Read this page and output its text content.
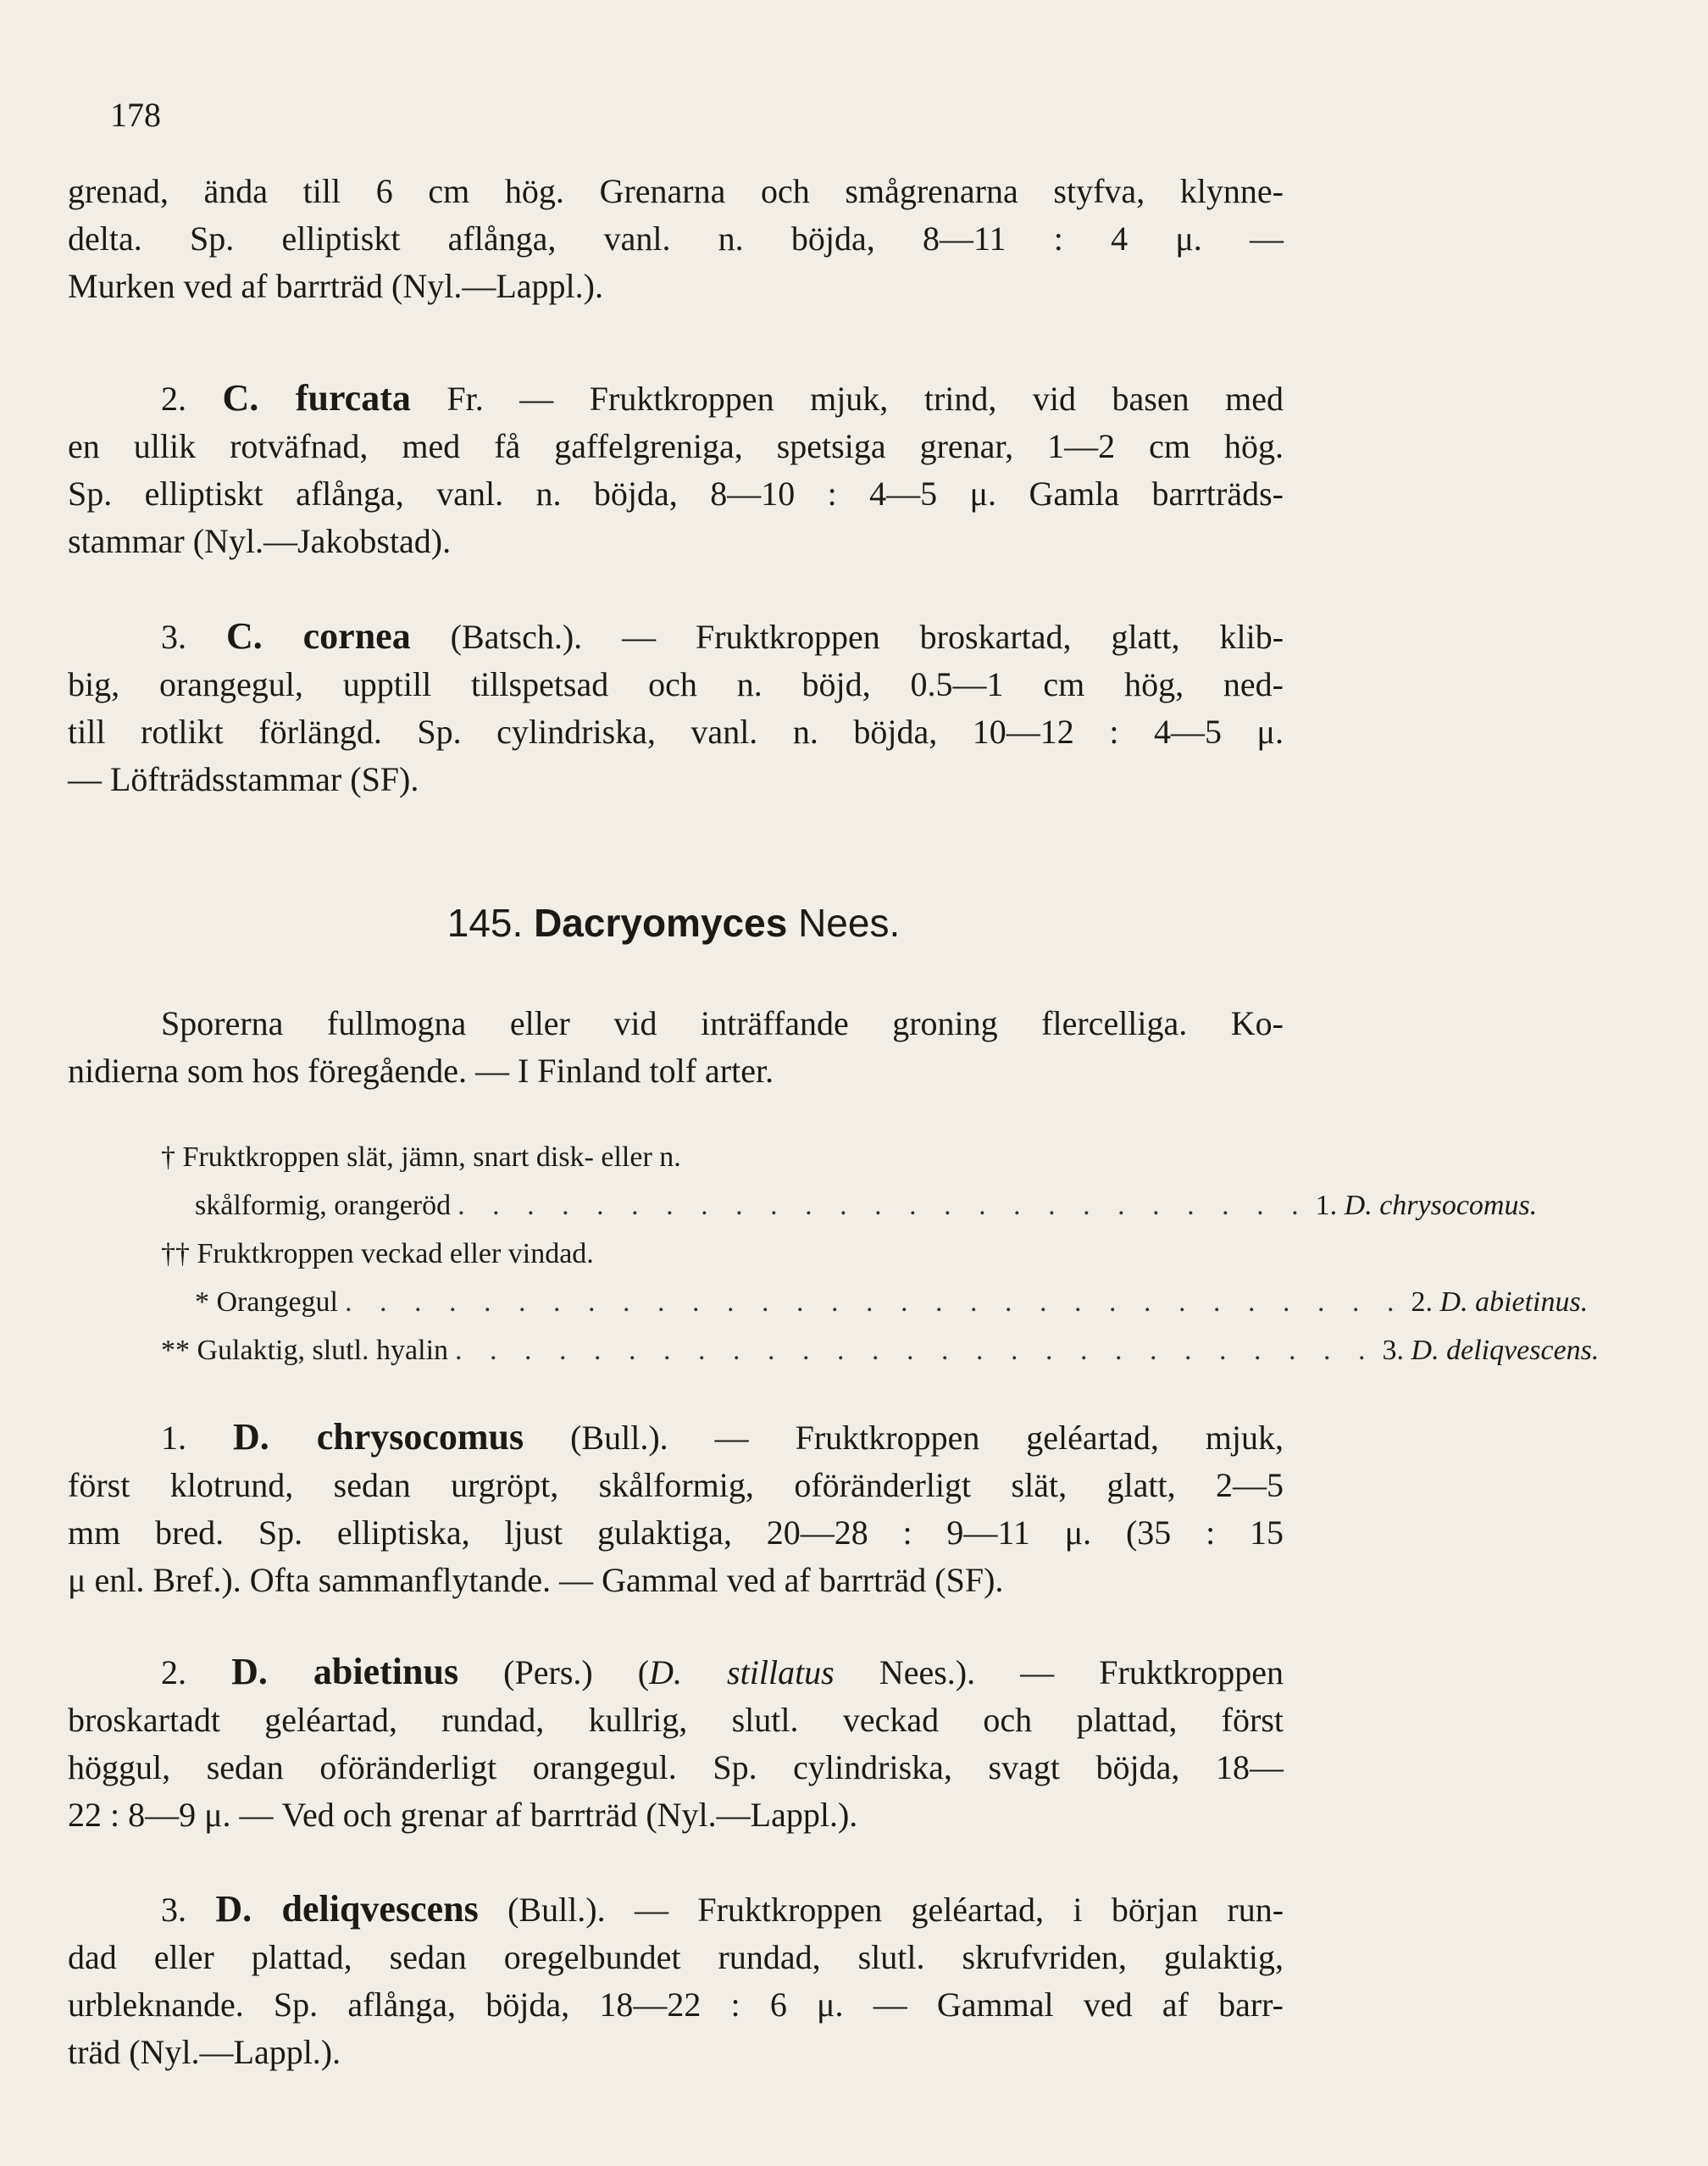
178
grenad, ända till 6 cm hög. Grenarna och smågrenarna styfva, klynne-
delta. Sp. elliptiskt aflånga, vanl. n. böjda, 8—11 : 4 μ. —
Murken ved af barrträd (Nyl.—Lappl.).
2. C. furcata Fr. — Fruktkroppen mjuk, trind, vid basen med
en ullik rotväfnad, med få gaffelgreniga, spetsiga grenar, 1—2 cm hög.
Sp. elliptiskt aflånga, vanl. n. böjda, 8—10 : 4—5 μ. Gamla barrträds-
stammar (Nyl.—Jakobstad).
3. C. cornea (Batsch.). — Fruktkroppen broskartad, glatt, klib-
big, orangegul, upptill tillspetsad och n. böjd, 0.5—1 cm hög, ned-
till rotlikt förlängd. Sp. cylindriska, vanl. n. böjda, 10—12 : 4—5 μ.
— Löfträdsstammar (SF).
145. Dacryomyces Nees.
Sporerna fullmogna eller vid inträffande groning flercelliga. Ko-
nidierna som hos föregående. — I Finland tolf arter.
† Fruktkroppen slät, jämn, snart disk- eller n.
skålformig, orangeröd . . . . . . . . . . . . . . . . . . . . . . . . . 1. D. chrysocomus.
†† Fruktkroppen veckad eller vindad.
* Orangegul . . . . . . . . . . . . . . . . . . . . . . . . . . . . . . . 2. D. abietinus.
** Gulaktig, slutl. hyalin . . . . . . . . . . . . . . . . . . . . . . . . . . . 3. D. deliqvescens.
1. D. chrysocomus (Bull.). — Fruktkroppen geléartad, mjuk,
först klotrund, sedan urgröpt, skålformig, oföränderligt slät, glatt, 2—5
mm bred. Sp. elliptiska, ljust gulaktiga, 20—28 : 9—11 μ. (35 : 15
μ enl. Bref.). Ofta sammanflytande. — Gammal ved af barrträd (SF).
2. D. abietinus (Pers.) (D. stillatus Nees.). — Fruktkroppen
broskartadt geléartad, rundad, kullrig, slutl. veckad och plattad, först
höggul, sedan oföränderligt orangegul. Sp. cylindriska, svagt böjda, 18—
22 : 8—9 μ. — Ved och grenar af barrträd (Nyl.—Lappl.).
3. D. deliqvescens (Bull.). — Fruktkroppen geléartad, i början run-
dad eller plattad, sedan oregelbundet rundad, slutl. skrufvriden, gulaktig,
urbleknande. Sp. aflånga, böjda, 18—22 : 6 μ. — Gammal ved af barr-
träd (Nyl.—Lappl.).
